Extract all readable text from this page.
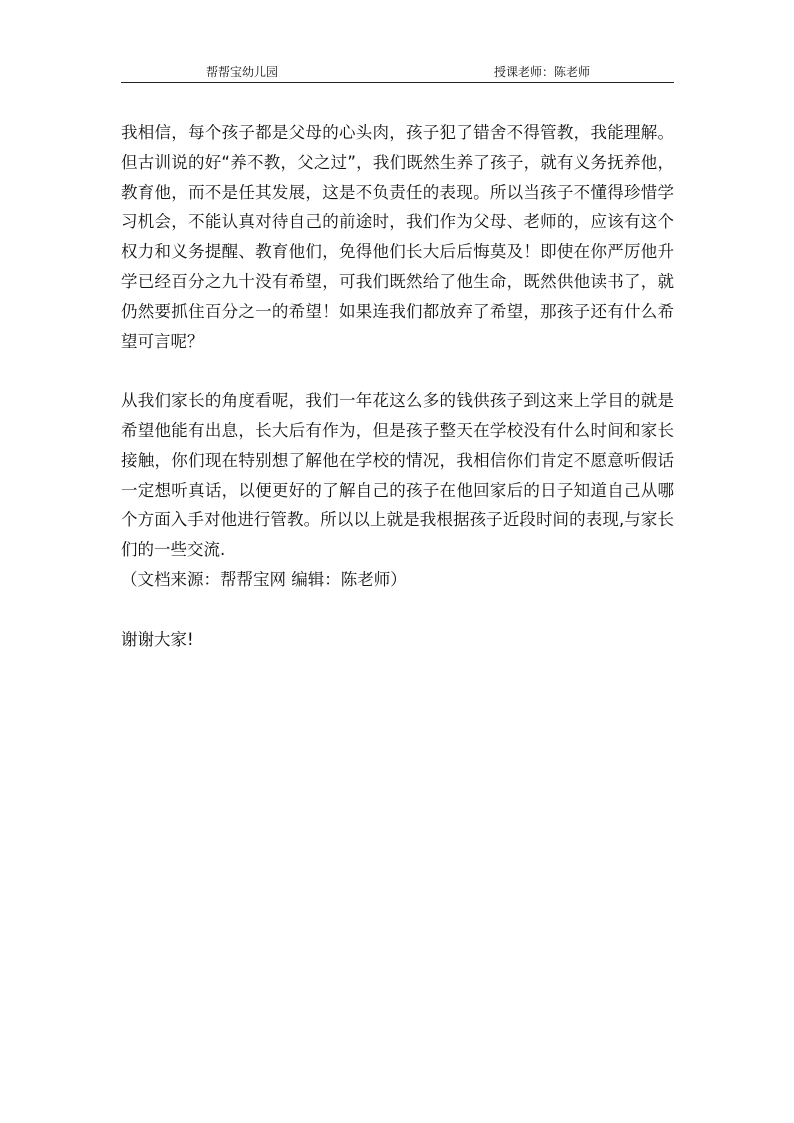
帮帮宝幼儿园	授课老师：陈老师

我相信，每个孩子都是父母的心头肉，孩子犯了错舍不得管教，我能理解。但古训说的好“养不教，父之过”，我们既然生养了孩子，就有义务抚养他，教育他，而不是任其发展，这是不负责任的表现。所以当孩子不懂得珍惜学习机会，不能认真对待自己的前途时，我们作为父母、老师的，应该有这个权力和义务提醒、教育他们，免得他们长大后后悔莫及！即使在你严厉他升学已经百分之九十没有希望，可我们既然给了他生命，既然供他读书了，就仍然要抓住百分之一的希望！如果连我们都放弃了希望，那孩子还有什么希望可言呢？

从我们家长的角度看呢，我们一年花这么多的钱供孩子到这来上学目的就是希望他能有出息，长大后有作为，但是孩子整天在学校没有什么时间和家长接触，你们现在特别想了解他在学校的情况，我相信你们肯定不愿意听假话一定想听真话，以便更好的了解自己的孩子在他回家后的日子知道自己从哪个方面入手对他进行管教。所以以上就是我根据孩子近段时间的表现,与家长们的一些交流.

（文档来源：帮帮宝网 编辑：陈老师）

谢谢大家!
